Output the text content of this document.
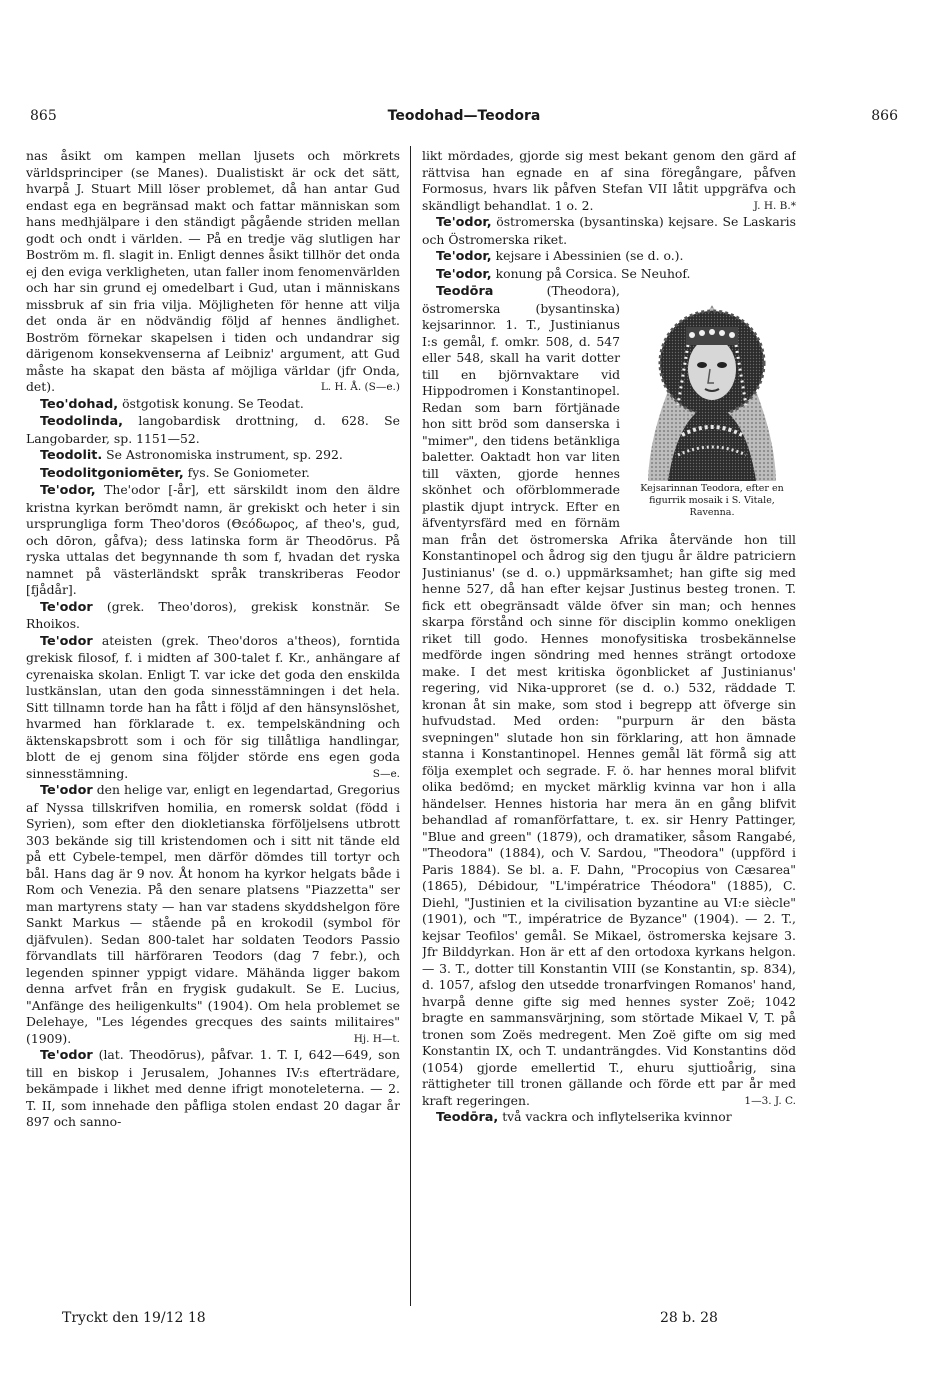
865	Teodohad—Teodora	866

nas åsikt om kampen mellan ljusets och mörkrets världsprinciper (se Manes). Dualistiskt är ock det sätt, hvarpå J. Stuart Mill löser problemet, då han antar Gud endast ega en begränsad makt och fattar människan som hans medhjälpare i den ständigt pågående striden mellan godt och ondt i världen. — På en tredje väg slutligen har Boström m. fl. slagit in. Enligt dennes åsikt tillhör det onda ej den eviga verkligheten, utan faller inom fenomenvärlden och har sin grund ej omedelbart i Gud, utan i människans missbruk af sin fria vilja. Möjligheten för henne att vilja det onda är en nödvändig följd af hennes ändlighet. Boström förnekar skapelsen i tiden och undandrar sig därigenom konsekvenserna af Leibniz' argument, att Gud måste ha skapat den bästa af möjliga världar (jfr Onda, det).	L. H. Å. (S—e.)

Teo'dohad, östgotisk konung. Se Teodat.

Teodolinda, langobardisk drottning, d. 628. Se Langobarder, sp. 1151—52.

Teodolit. Se Astronomiska instrument, sp. 292.

Teodolitgoniomēter, fys. Se Goniometer.

Te'odor, The'odor [-år], ett särskildt inom den äldre kristna kyrkan berömdt namn, är grekiskt och heter i sin ursprungliga form Theo'doros (Θεόδωρος, af theo's, gud, och dōron, gåfva); dess latinska form är Theodōrus. På ryska uttalas det begynnande th som f, hvadan det ryska namnet på västerländskt språk transkriberas Feodor [fjådår].

Te'odor (grek. Theo'doros), grekisk konstnär. Se Rhoikos.

Te'odor ateisten (grek. Theo'doros a'theos), forntida grekisk filosof, f. i midten af 300-talet f. Kr., anhängare af cyrenaiska skolan. Enligt T. var icke det goda den enskilda lustkänslan, utan den goda sinnesstämningen i det hela. Sitt tillnamn torde han ha fått i följd af den hänsynslöshet, hvarmed han förklarade t. ex. tempelskändning och äktenskapsbrott som i och för sig tillåtliga handlingar, blott de ej genom sina följder störde ens egen goda sinnesstämning.	S—e.

Te'odor den helige var, enligt en legendartad, Gregorius af Nyssa tillskrifven homilia, en romersk soldat (född i Syrien), som efter den diokletianska förföljelsens utbrott 303 bekände sig till kristendomen och i sitt nit tände eld på ett Cybele-tempel, men därför dömdes till tortyr och bål. Hans dag är 9 nov. Åt honom ha kyrkor helgats både i Rom och Venezia. På den senare platsens "Piazzetta" ser man martyrens staty — han var stadens skyddshelgon före Sankt Markus — stående på en krokodil (symbol för djäfvulen). Sedan 800-talet har soldaten Teodors Passio förvandlats till härföraren Teodors (dag 7 febr.), och legenden spinner yppigt vidare. Mähända ligger bakom denna arfvet från en frygisk gudakult. Se E. Lucius, "Anfänge des heiligenkults" (1904). Om hela problemet se Delehaye, "Les légendes grecques des saints militaires" (1909).	Hj. H—t.

Te'odor (lat. Theodōrus), påfvar. 1. T. I, 642—649, son till en biskop i Jerusalem, Johannes IV:s efterträdare, bekämpade i likhet med denne ifrigt monoteleterna. — 2. T. II, som innehade den påfliga stolen endast 20 dagar år 897 och sanno-

likt mördades, gjorde sig mest bekant genom den gärd af rättvisa han egnade en af sina föregångare, påfven Formosus, hvars lik påfven Stefan VII låtit uppgräfva och skändligt behandlat. 1 o. 2.	J. H. B.*

Te'odor, östromerska (bysantinska) kejsare. Se Laskaris och Östromerska riket.

Te'odor, kejsare i Abessinien (se d. o.).

Te'odor, konung på Corsica. Se Neuhof.

Kejsarinnan Teodora, efter en figurrik mosaik i S. Vitale, Ravenna.

Teodōra (Theodora), östromerska (bysantinska) kejsarinnor. 1. T., Justinianus I:s gemål, f. omkr. 508, d. 547 eller 548, skall ha varit dotter till en björnvaktare vid Hippodromen i Konstantinopel. Redan som barn förtjänade hon sitt bröd som danserska i "mimer", den tidens betänkliga baletter. Oaktadt hon var liten till växten, gjorde hennes skönhet och oförblommerade plastik djupt intryck. Efter en äfventyrsfärd med en förnäm man från det östromerska Afrika återvände hon till Konstantinopel och ådrog sig den tjugu år äldre patriciern Justinianus' (se d. o.) uppmärksamhet; han gifte sig med henne 527, då han efter kejsar Justinus besteg tronen. T. fick ett obegränsadt välde öfver sin man; och hennes skarpa förstånd och sinne för disciplin kommo onekligen riket till godo. Hennes monofysitiska trosbekännelse medförde ingen söndring med hennes strängt ortodoxe make. I det mest kritiska ögonblicket af Justinianus' regering, vid Nika-upproret (se d. o.) 532, räddade T. kronan åt sin make, som stod i begrepp att öfverge sin hufvudstad. Med orden: "purpurn är den bästa svepningen" slutade hon sin förklaring, att hon ämnade stanna i Konstantinopel. Hennes gemål lät förmå sig att följa exemplet och segrade. F. ö. har hennes moral blifvit olika bedömd; en mycket märklig kvinna var hon i alla händelser. Hennes historia har mera än en gång blifvit behandlad af romanförfattare, t. ex. sir Henry Pattinger, "Blue and green" (1879), och dramatiker, såsom Rangabé, "Theodora" (1884), och V. Sardou, "Theodora" (uppförd i Paris 1884). Se bl. a. F. Dahn, "Procopius von Cæsarea" (1865), Débidour, "L'impératrice Théodora" (1885), C. Diehl, "Justinien et la civilisation byzantine au VI:e siècle" (1901), och "T., impératrice de Byzance" (1904). — 2. T., kejsar Teofilos' gemål. Se Mikael, östromerska kejsare 3. Jfr Bilddyrkan. Hon är ett af den ortodoxa kyrkans helgon. — 3. T., dotter till Konstantin VIII (se Konstantin, sp. 834), d. 1057, afslog den utsedde tronarfvingen Romanos' hand, hvarpå denne gifte sig med hennes syster Zoë; 1042 bragte en sammansvärjning, som störtade Mikael V, T. på tronen som Zoës medregent. Men Zoë gifte om sig med Konstantin IX, och T. undanträngdes. Vid Konstantins död (1054) gjorde emellertid T., ehuru sjuttioårig, sina rättigheter till tronen gällande och förde ett par år med kraft regeringen.	1—3. J. C.

Teodōra, två vackra och inflytelserika kvinnor

Tryckt den 19/12 18	28 b. 28
